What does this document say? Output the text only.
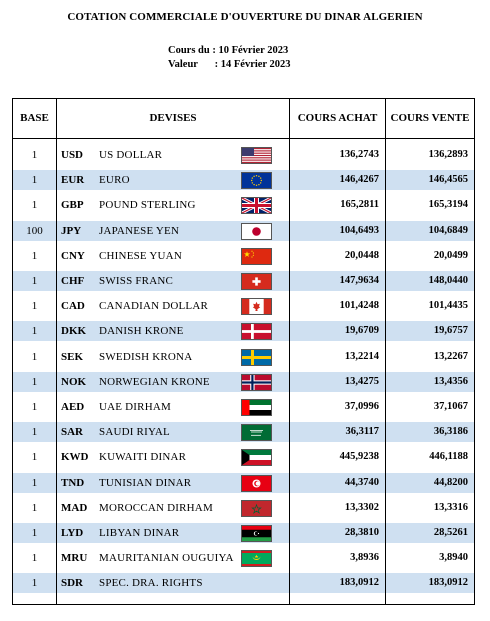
COTATION COMMERCIALE D'OUVERTURE DU DINAR ALGERIEN
Cours du : 10 Février 2023
Valeur : 14 Février 2023
BASE	DEVISES	COURS ACHAT	COURS VENTE
1	USD	US DOLLAR	136,2743	136,2893
1	EUR	EURO	146,4267	146,4565
1	GBP	POUND STERLING	165,2811	165,3194
100	JPY	JAPANESE YEN	104,6493	104,6849
1	CNY	CHINESE YUAN	20,0448	20,0499
1	CHF	SWISS FRANC	147,9634	148,0440
1	CAD	CANADIAN DOLLAR	101,4248	101,4435
1	DKK	DANISH KRONE	19,6709	19,6757
1	SEK	SWEDISH KRONA	13,2214	13,2267
1	NOK	NORWEGIAN KRONE	13,4275	13,4356
1	AED	UAE DIRHAM	37,0996	37,1067
1	SAR	SAUDI RIYAL	36,3117	36,3186
1	KWD KUWAITI DINAR	445,9238	446,1188
1	TND	TUNISIAN DINAR	44,3740	44,8200
1	MAD	MOROCCAN DIRHAM	13,3302	13,3316
1	LYD	LIBYAN DINAR	28,3810	28,5261
1	MRU	MAURITANIAN OUGUIYA	3,8936	3,8940
1	SDR	SPEC. DRA. RIGHTS	183,0912	183,0912
